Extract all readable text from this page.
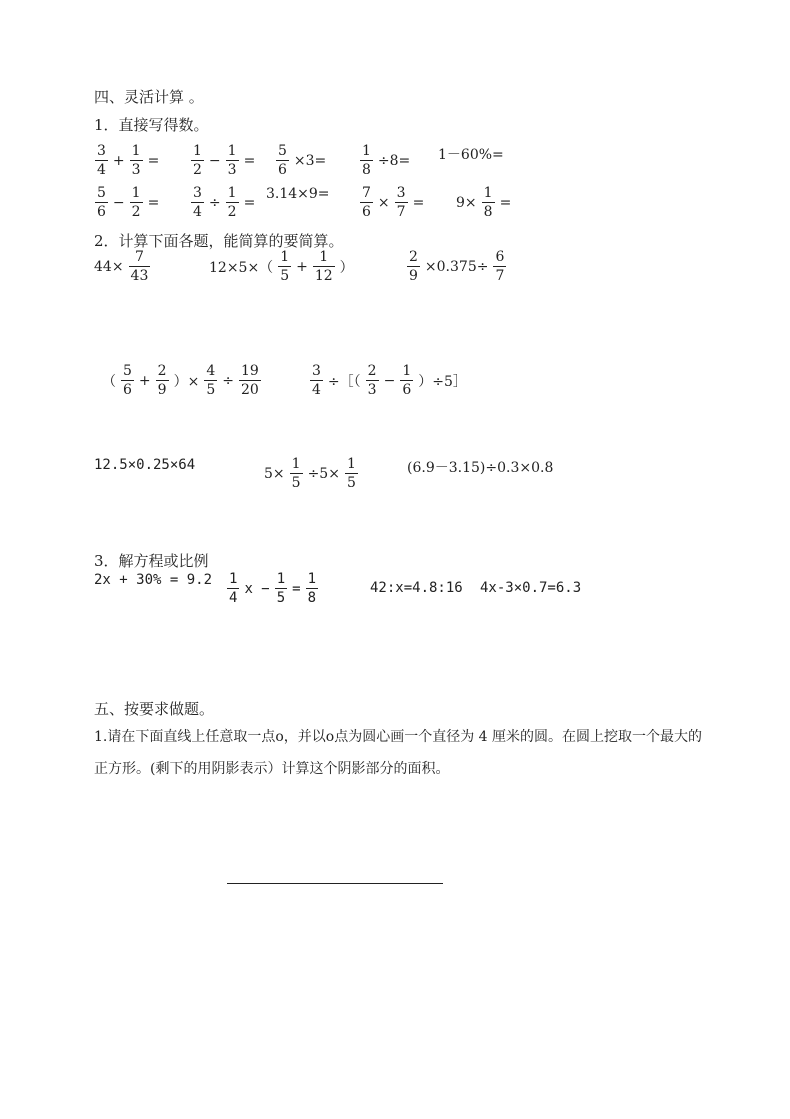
四、灵活计算 。
1．直接写得数。
$\frac{3}{4} + \frac{1}{3} = \frac{1}{2} - \frac{1}{3} = \frac{5}{6} \times 3= \frac{1}{8} \div 8= 1-60\%=$
$\frac{5}{6} - \frac{1}{2} = \frac{3}{4} \div \frac{1}{2}$ =
$3.14\times 9= \frac{7}{6} \times \frac{3}{7} = 9\times \frac{1}{8}$ =
2．计算下面各题，能简算的要简算。
$44\times \frac{7}{43}$	$12\times 5\times( \frac{1}{5} + \frac{1}{12}$ ）	$\frac{2}{9} \times 0.375\div \frac{6}{7}$
（ $\frac{5}{6} + \frac{2}{9}$ ）× $\frac{4}{5} \div \frac{19}{20}$	$\frac{3}{4}$ ÷［（ $\frac{2}{3} - \frac{1}{6}$ ）÷5］
12.5×0.25×64
$5\times \frac{1}{5} \div 5\times \frac{1}{5}$	(6.9－3.15)÷0.3×0.8
3．解方程或比例
$2x + 30\% = 9.2 \frac{1}{4}$ $x - \frac{1}{5} = \frac{1}{8}$	42:x=4.8:16 4x-3×0.7=6.3
五、按要求做题。
1.请在下面直线上任意取一点o，并以o点为圆心画一个直径为 4 厘米的圆。在圆上挖取一个最大的
正方形。(剩下的用阴影表示）计算这个阴影部分的面积。
